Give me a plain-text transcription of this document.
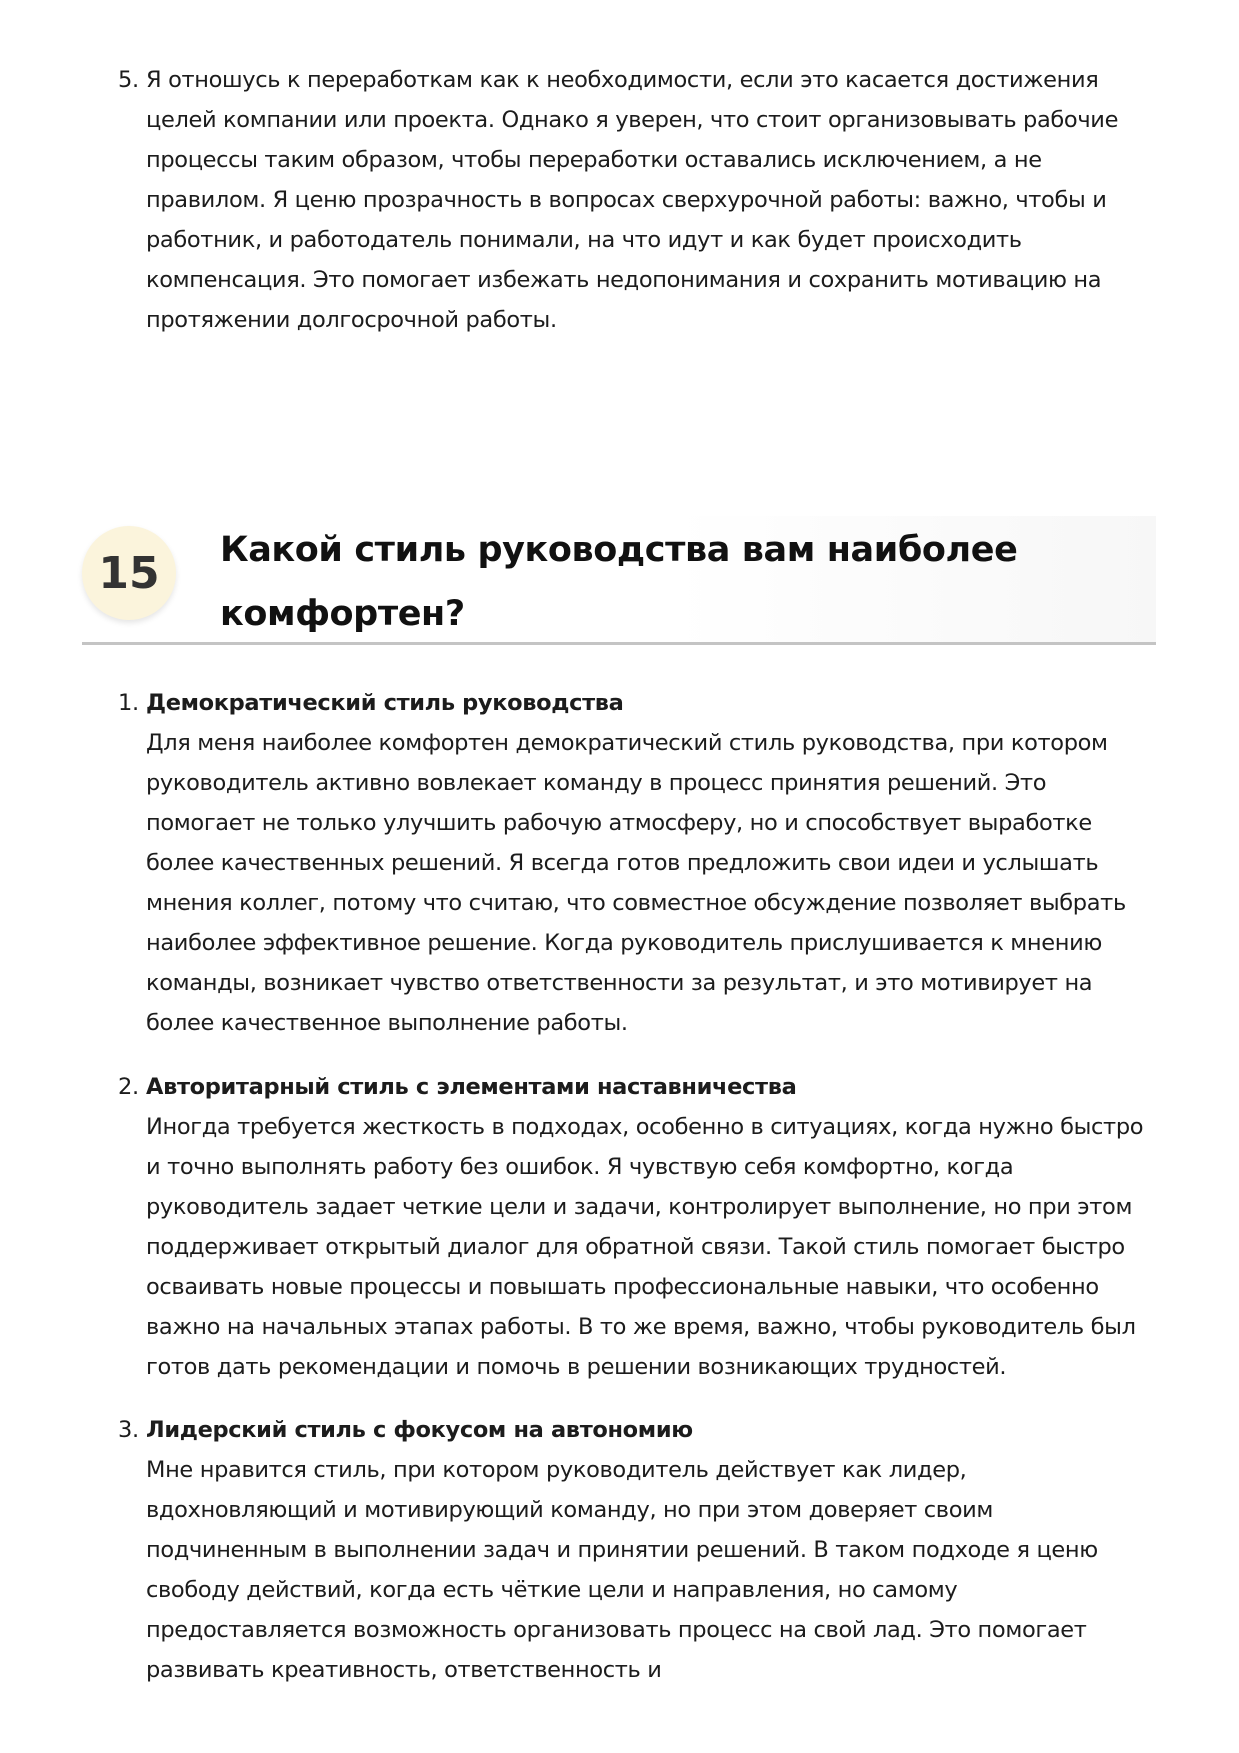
5. Я отношусь к переработкам как к необходимости, если это касается достижения целей компании или проекта. Однако я уверен, что стоит организовывать рабочие процессы таким образом, чтобы переработки оставались исключением, а не правилом. Я ценю прозрачность в вопросах сверхурочной работы: важно, чтобы и работник, и работодатель понимали, на что идут и как будет происходить компенсация. Это помогает избежать недопонимания и сохранить мотивацию на протяжении долгосрочной работы.
15	Какой стиль руководства вам наиболее комфортен?
1. Демократический стиль руководства
Для меня наиболее комфортен демократический стиль руководства, при котором руководитель активно вовлекает команду в процесс принятия решений. Это помогает не только улучшить рабочую атмосферу, но и способствует выработке более качественных решений. Я всегда готов предложить свои идеи и услышать мнения коллег, потому что считаю, что совместное обсуждение позволяет выбрать наиболее эффективное решение. Когда руководитель прислушивается к мнению команды, возникает чувство ответственности за результат, и это мотивирует на более качественное выполнение работы.
2. Авторитарный стиль с элементами наставничества
Иногда требуется жесткость в подходах, особенно в ситуациях, когда нужно быстро и точно выполнять работу без ошибок. Я чувствую себя комфортно, когда руководитель задает четкие цели и задачи, контролирует выполнение, но при этом поддерживает открытый диалог для обратной связи. Такой стиль помогает быстро осваивать новые процессы и повышать профессиональные навыки, что особенно важно на начальных этапах работы. В то же время, важно, чтобы руководитель был готов дать рекомендации и помочь в решении возникающих трудностей.
3. Лидерский стиль с фокусом на автономию
Мне нравится стиль, при котором руководитель действует как лидер, вдохновляющий и мотивирующий команду, но при этом доверяет своим подчиненным в выполнении задач и принятии решений. В таком подходе я ценю свободу действий, когда есть чёткие цели и направления, но самому предоставляется возможность организовать процесс на свой лад. Это помогает развивать креативность, ответственность и
